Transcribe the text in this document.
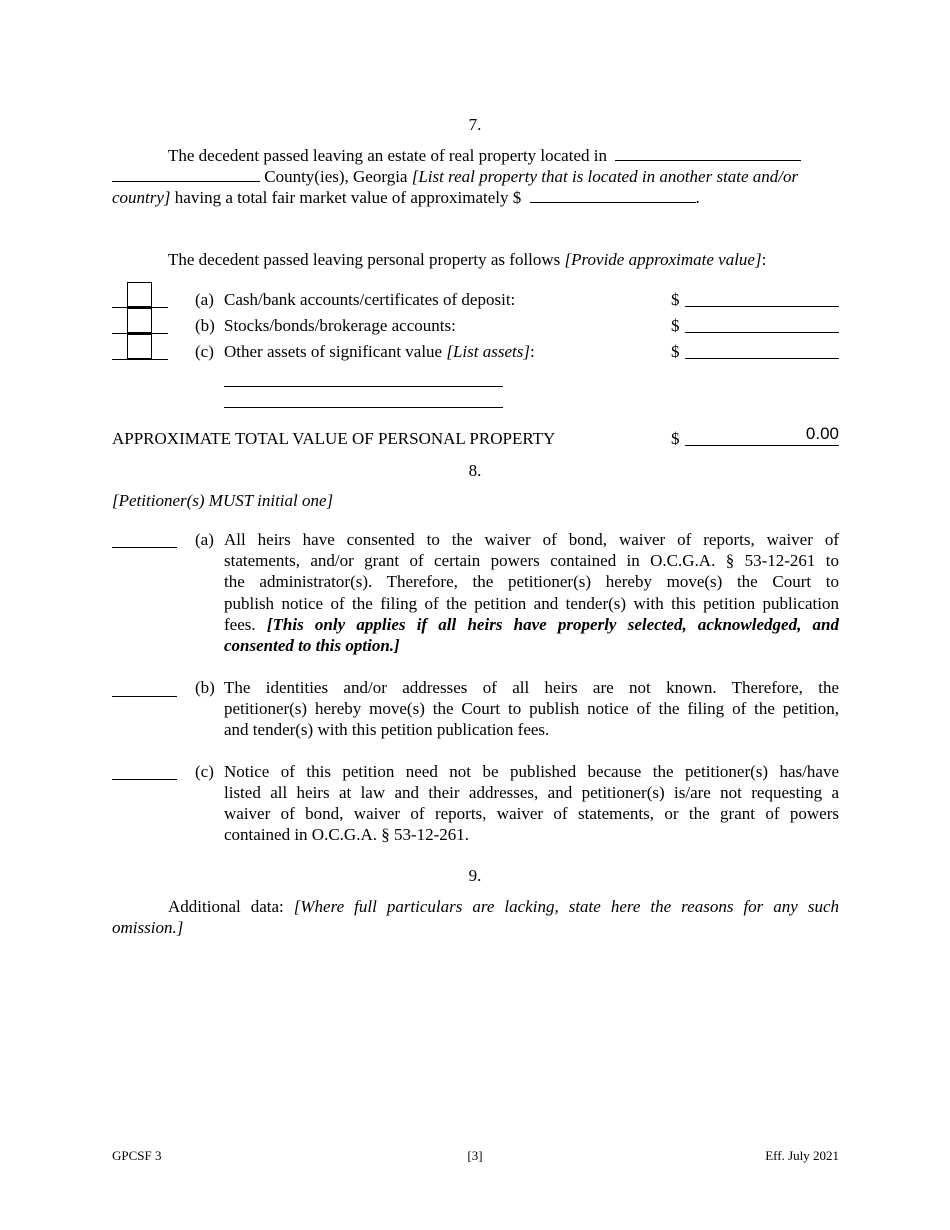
7.
The decedent passed leaving an estate of real property located in
County(ies), Georgia [List real property that is located in another state and/or
country] having a total fair market value of approximately $	.
The decedent passed leaving personal property as follows [Provide approximate value]:
(a) Cash/bank accounts/certificates of deposit:	$
(b) Stocks/bonds/brokerage accounts:	$
(c) Other assets of significant value [List assets]:	$
APPROXIMATE TOTAL VALUE OF PERSONAL PROPERTY	$	0.00
8.
[Petitioner(s) MUST initial one]
(a) All heirs have consented to the waiver of bond, waiver of reports, waiver of
statements, and/or grant of certain powers contained in O.C.G.A. § 53-12-261 to
the administrator(s). Therefore, the petitioner(s) hereby move(s) the Court to
publish notice of the filing of the petition and tender(s) with this petition publication
fees. [This only applies if all heirs have properly selected, acknowledged, and
consented to this option.]
(b) The identities and/or addresses of all heirs are not known. Therefore, the
petitioner(s) hereby move(s) the Court to publish notice of the filing of the petition,
and tender(s) with this petition publication fees.
(c) Notice of this petition need not be published because the petitioner(s) has/have
listed all heirs at law and their addresses, and petitioner(s) is/are not requesting a
waiver of bond, waiver of reports, waiver of statements, or the grant of powers
contained in O.C.G.A. § 53-12-261.
9.
Additional data: [Where full particulars are lacking, state here the reasons for any such
omission.]
GPCSF 3	[3]	Eff. July 2021
